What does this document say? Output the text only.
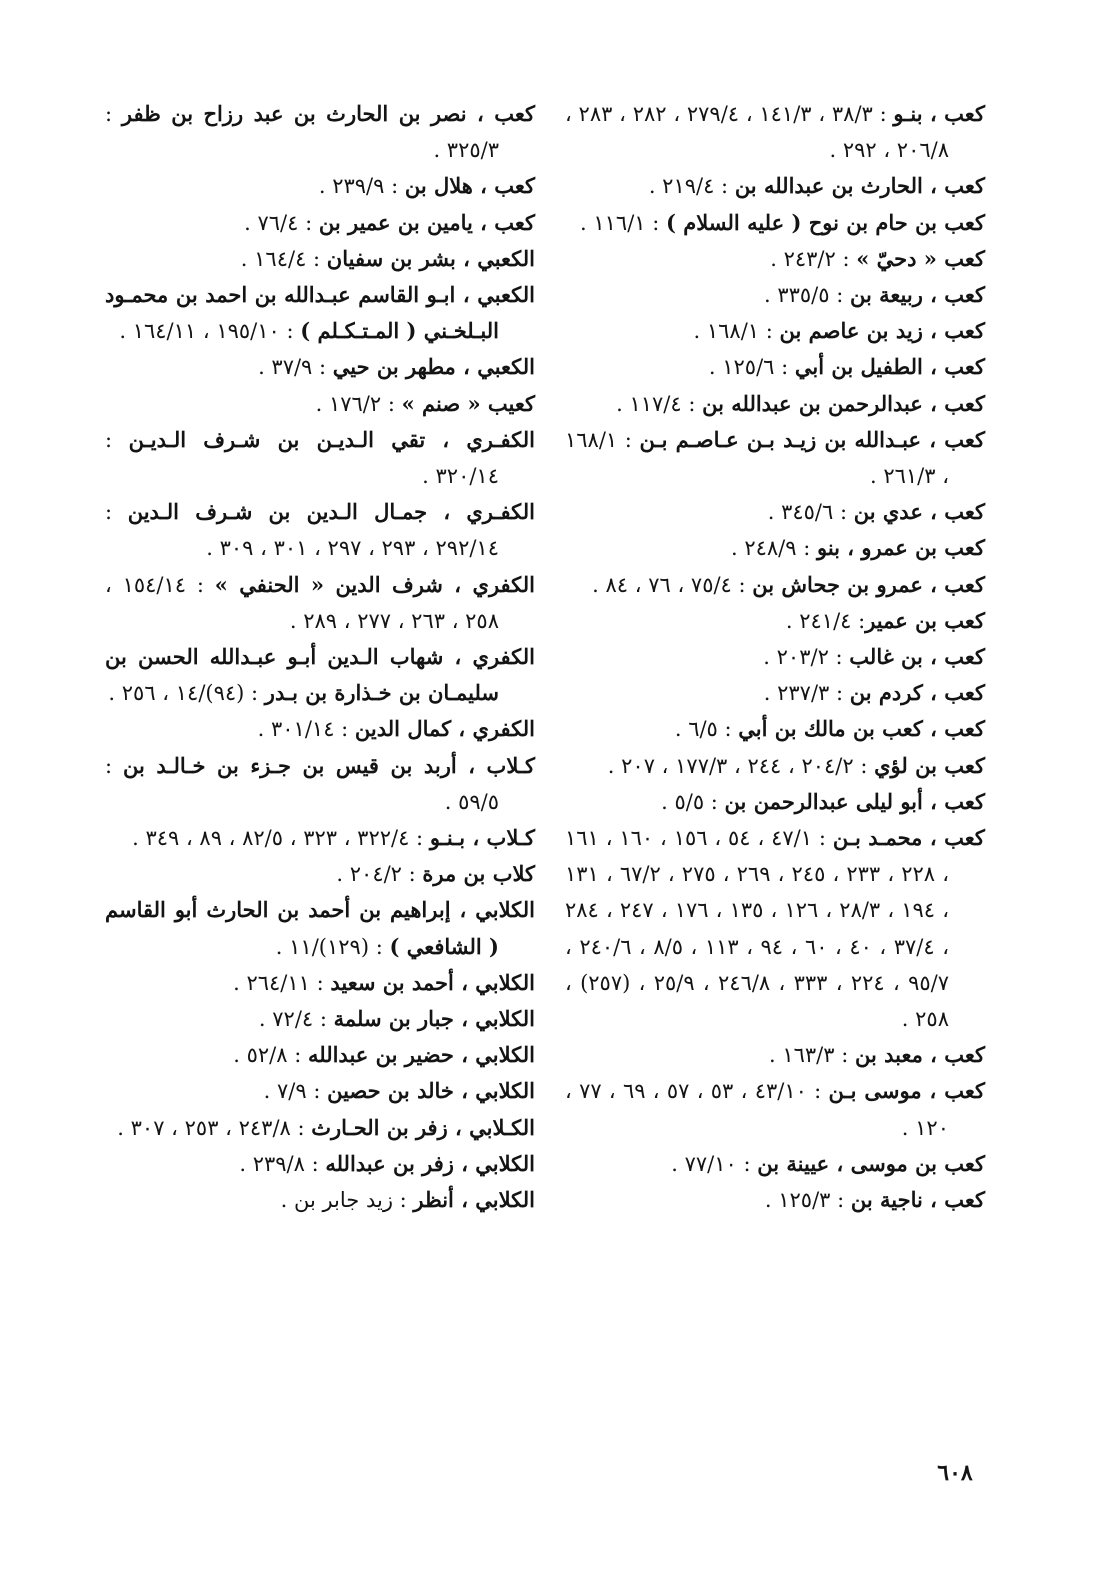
كعب ، بنـو : ٣٨/٣ ، ١٤١/٣ ، ٢٧٩/٤ ، ٢٨٢ ، ٢٨٣ ، ٢٠٦/٨ ، ٢٩٢ .

كعب ، الحارث بن عبدالله بن : ٢١٩/٤ .

كعب بن حام بن نوح ( عليه السلام ) : ١١٦/١ .

كعب « دحيّ » : ٢٤٣/٢ .

كعب ، ربيعة بن : ٣٣٥/٥ .

كعب ، زيد بن عاصم بن : ١٦٨/١ .

كعب ، الطفيل بن أبي : ١٢٥/٦ .

كعب ، عبدالرحمن بن عبدالله بن : ١١٧/٤ .

كعب ، عبـدالله بن زيـد بـن عـاصـم بـن : ١٦٨/١ ، ٢٦١/٣ .

كعب ، عدي بن : ٣٤٥/٦ .

كعب بن عمرو ، بنو : ٢٤٨/٩ .

كعب ، عمرو بن جحاش بن : ٧٥/٤ ، ٧٦ ، ٨٤ .

كعب بن عمير: ٢٤١/٤ .

كعب ، بن غالب : ٢٠٣/٢ .

كعب ، كردم بن : ٢٣٧/٣ .

كعب ، كعب بن مالك بن أبي : ٦/٥ .

كعب بن لؤي : ٢٠٤/٢ ، ٢٤٤ ، ١٧٧/٣ ، ٢٠٧ .

كعب ، أبو ليلى عبدالرحمن بن : ٥/٥ .

كعب ، محمـد بـن : ٤٧/١ ، ٥٤ ، ١٥٦ ، ١٦٠ ، ١٦١ ، ٢٢٨ ، ٢٣٣ ، ٢٤٥ ، ٢٦٩ ، ٢٧٥ ، ٦٧/٢ ، ١٣١ ، ١٩٤ ، ٢٨/٣ ، ١٢٦ ، ١٣٥ ، ١٧٦ ، ٢٤٧ ، ٢٨٤ ، ٣٧/٤ ، ٤٠ ، ٦٠ ، ٩٤ ، ١١٣ ، ٨/٥ ، ٢٤٠/٦ ، ٩٥/٧ ، ٢٢٤ ، ٣٣٣ ، ٢٤٦/٨ ، ٢٥/٩ ، (٢٥٧) ، ٢٥٨ .

كعب ، معبد بن : ١٦٣/٣ .

كعب ، موسى بـن : ٤٣/١٠ ، ٥٣ ، ٥٧ ، ٦٩ ، ٧٧ ، ١٢٠ .

كعب بن موسى ، عيينة بن : ٧٧/١٠ .

كعب ، ناجية بن : ١٢٥/٣ .

كعب ، نصر بن الحارث بن عبد رزاح بن ظفر : ٣٢٥/٣ .

كعب ، هلال بن : ٢٣٩/٩ .

كعب ، يامين بن عمير بن : ٧٦/٤ .

الكعبي ، بشر بن سفيان : ١٦٤/٤ .

الكعبي ، ابـو القاسم عبـدالله بن احمد بن محمـود البـلخـني ( المـتـكـلم ) : ١٩٥/١٠ ، ١٦٤/١١ .

الكعبي ، مطهر بن حيي : ٣٧/٩ .

كعيب « صنم » : ١٧٦/٢ .

الكفـري ، تقي الـديـن بن شـرف الـديـن : ٣٢٠/١٤ .

الكفـري ، جمـال الـدين بن شـرف الـدين : ٢٩٢/١٤ ، ٢٩٣ ، ٢٩٧ ، ٣٠١ ، ٣٠٩ .

الكفري ، شرف الدين « الحنفي » : ١٥٤/١٤ ، ٢٥٨ ، ٢٦٣ ، ٢٧٧ ، ٢٨٩ .

الكفري ، شهاب الـدين أبـو عبـدالله الحسن بن سليمـان بن خـذارة بن بـدر : (٩٤)/١٤ ، ٢٥٦ .

الكفري ، كمال الدين : ٣٠١/١٤ .

كـلاب ، أربد بن قيس بن جـزء بن خـالـد بن : ٥٩/٥ .

كـلاب ، بـنـو : ٣٢٢/٤ ، ٣٢٣ ، ٨٢/٥ ، ٨٩ ، ٣٤٩ .

كلاب بن مرة : ٢٠٤/٢ .

الكلابي ، إبراهيم بن أحمد بن الحارث أبو القاسم ( الشافعي ) : (١٢٩)/١١ .

الكلابي ، أحمد بن سعيد : ٢٦٤/١١ .

الكلابي ، جبار بن سلمة : ٧٢/٤ .

الكلابي ، حضير بن عبدالله : ٥٢/٨ .

الكلابي ، خالد بن حصين : ٧/٩ .

الكـلابي ، زفر بن الحـارث : ٢٤٣/٨ ، ٢٥٣ ، ٣٠٧ .

الكلابي ، زفر بن عبدالله : ٢٣٩/٨ .

الكلابي ، أنظر : زيد جابر بن .

٦٠٨
